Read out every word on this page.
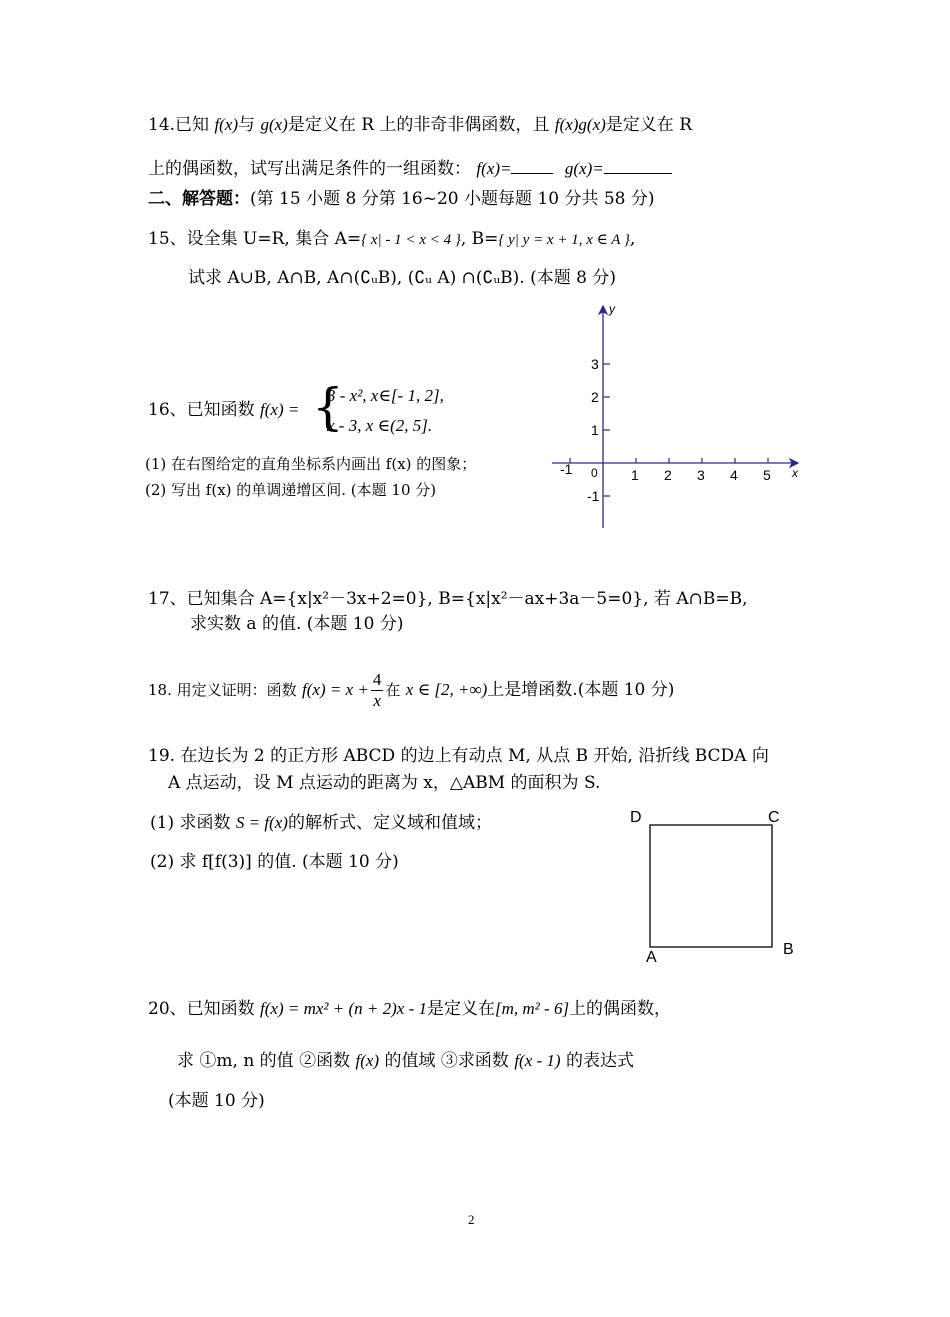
14.已知 f(x)与 g(x)是定义在 R 上的非奇非偶函数，且 f(x)g(x)是定义在 R
上的偶函数，试写出满足条件的一组函数： f(x)=	g(x)=
二、解答题：(第 15 小题 8 分第 16~20 小题每题 10 分共 58 分)
15、设全集 U=R, 集合 A={ x| - 1 < x < 4 }, B={ y| y = x + 1, x ∈ A },
试求 A∪B, A∩B, A∩(∁ᵤB), (∁ᵤ A) ∩(∁ᵤB). (本题 8 分)
16、已知函数 f(x) = {
3 - x², x∈[- 1, 2],
x - 3, x ∈(2, 5].
(1) 在右图给定的直角坐标系内画出 f(x) 的图象；
(2) 写出 f(x) 的单调递增区间. (本题 10 分)
y
x
0
-1	1 2 3 4 5
3
2
1
-1
17、已知集合 A={x|x²－3x+2=0}, B={x|x²－ax+3a－5=0}, 若 A∩B=B,
求实数 a 的值. (本题 10 分)
18. 用定义证明：函数 $f(x) = x + \frac{4}{x}$ 在 x ∈ [2, +∞)上是增函数.(本题 10 分)
19. 在边长为 2 的正方形 ABCD 的边上有动点 M, 从点 B 开始, 沿折线 BCDA 向
A 点运动，设 M 点运动的距离为 x，△ABM 的面积为 S.
(1) 求函数 S = f(x)的解析式、定义域和值域；
(2) 求 f[f(3)] 的值. (本题 10 分)
D	C
A	B
20、已知函数 f(x) = mx² + (n + 2)x - 1是定义在[m, m² - 6]上的偶函数，
求 ①m, n 的值 ②函数 f(x) 的值域 ③求函数 f(x - 1) 的表达式
(本题 10 分)
2
